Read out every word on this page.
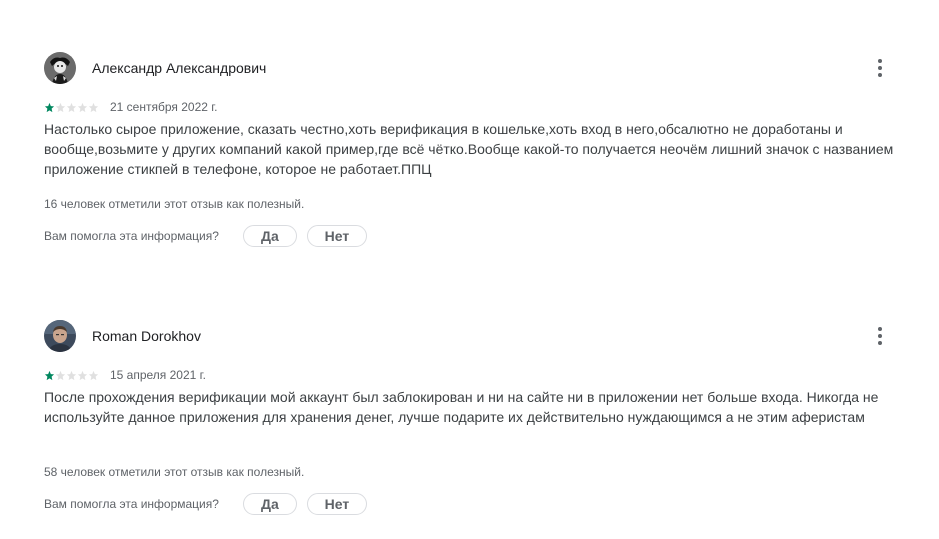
Александр Александрович
21 сентября 2022 г.
Настолько сырое приложение, сказать честно,хоть верификация в кошельке,хоть вход в него,обсалютно не доработаны и вообще,возьмите у других компаний какой пример,где всё чётко.Вообще какой-то получается неочём лишний значок с названием приложение стикпей в телефоне, которое не работает.ППЦ
16 человек отметили этот отзыв как полезный.
Вам помогла эта информация?	Да	Нет
Roman Dorokhov
15 апреля 2021 г.
После прохождения верификации мой аккаунт был заблокирован и ни на сайте ни в приложении нет больше входа. Никогда не используйте данное приложения для хранения денег, лучше подарите их действительно нуждающимся а не этим аферистам
58 человек отметили этот отзыв как полезный.
Вам помогла эта информация?	Да	Нет
